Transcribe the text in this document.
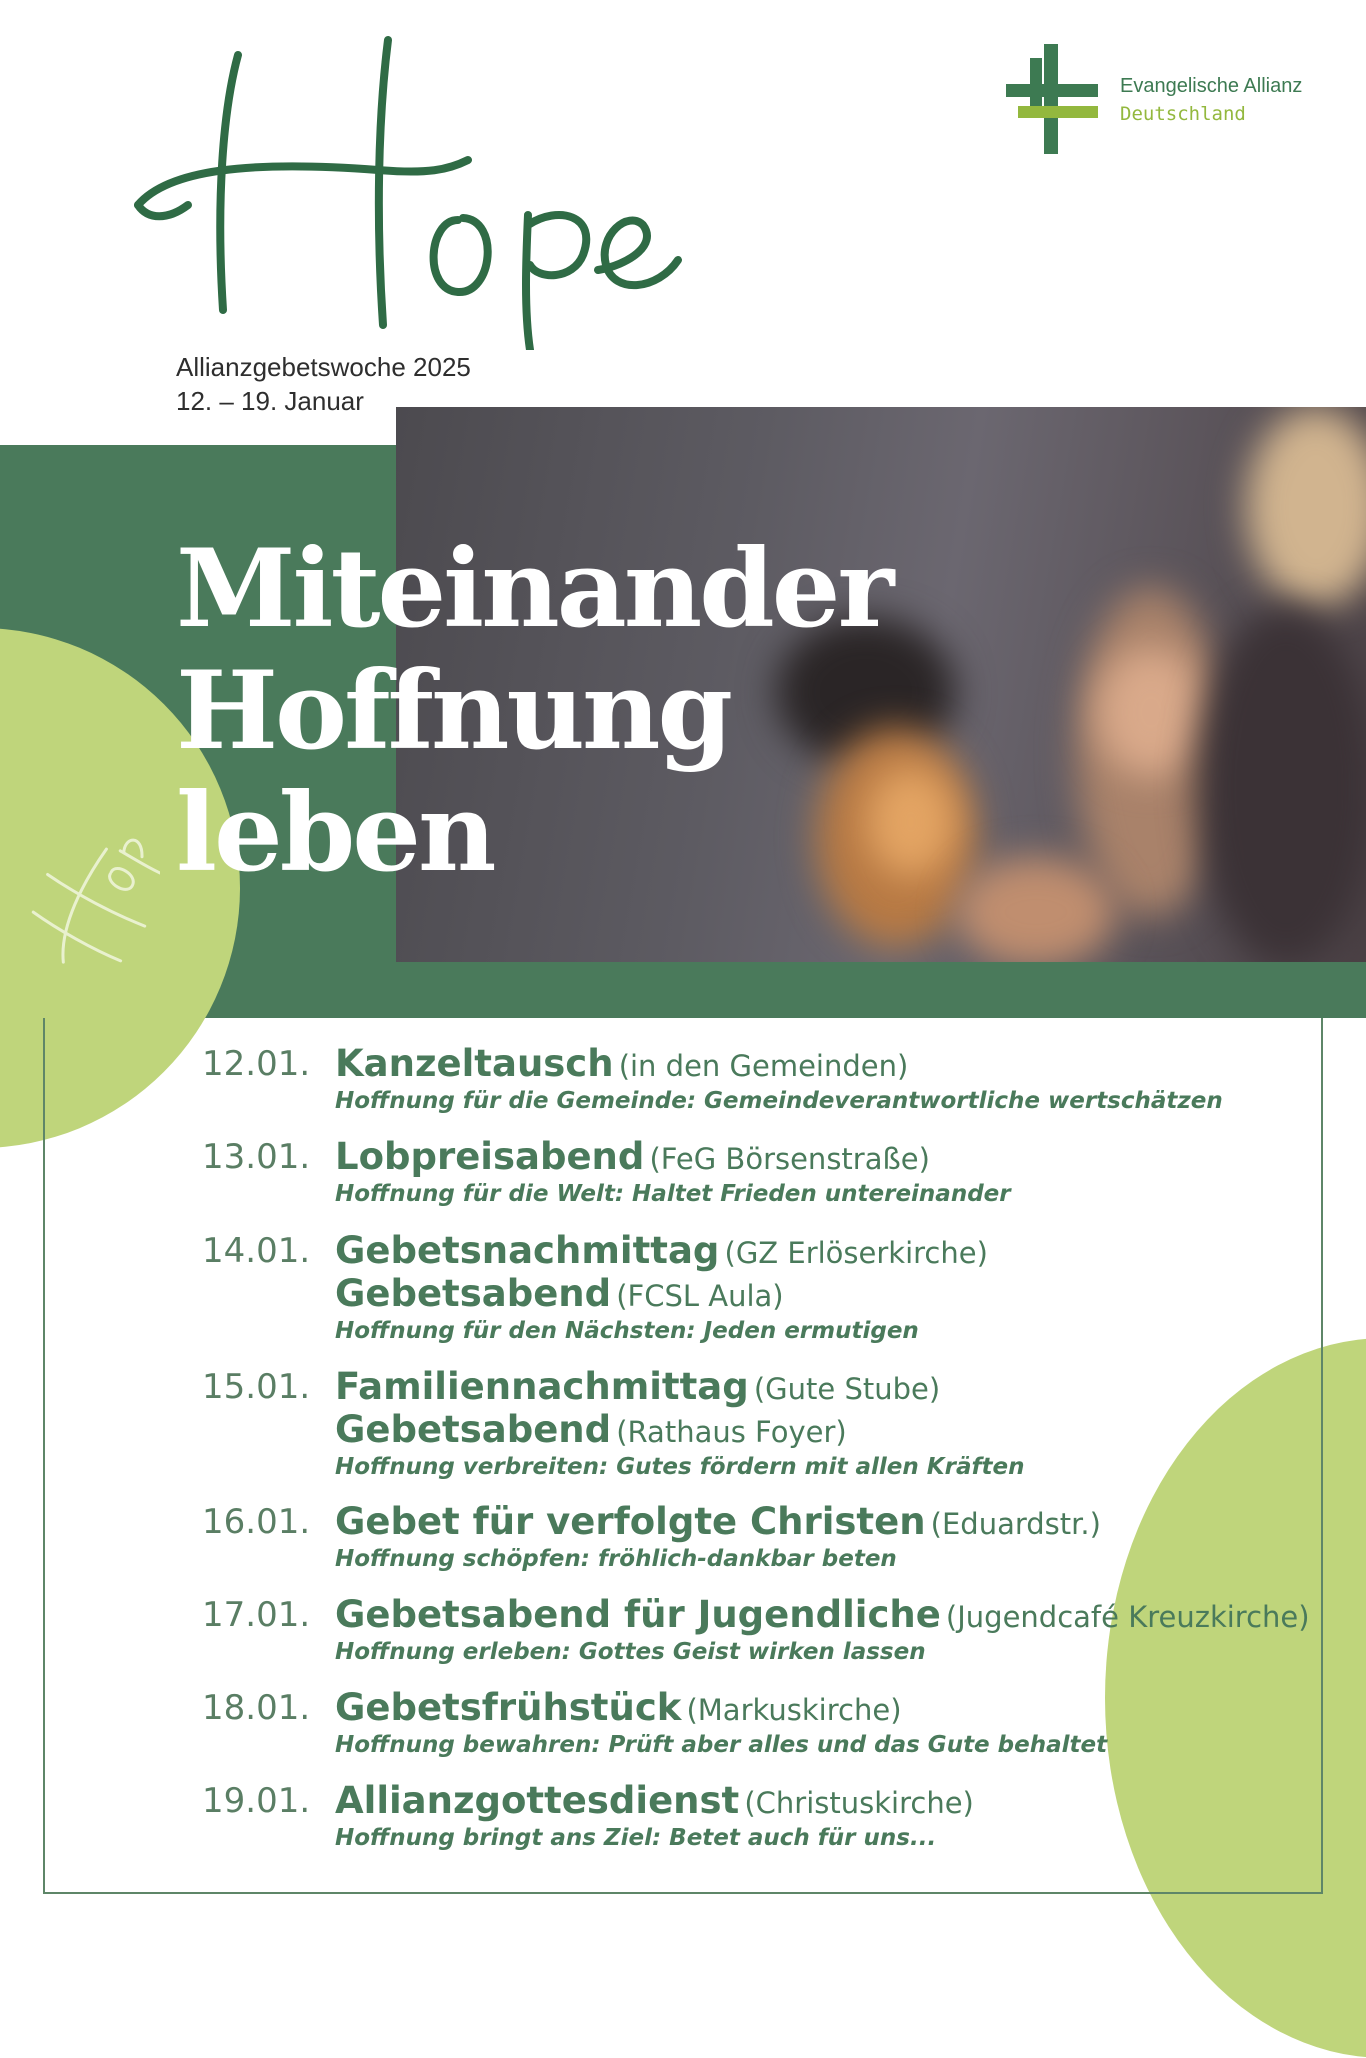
Evangelische Allianz
Deutschland
Allianzgebetswoche 2025
12. – 19. Januar
Miteinander
Hoffnung
leben
12.01. Kanzeltausch (in den Gemeinden)
Hoffnung für die Gemeinde: Gemeindeverantwortliche wertschätzen
13.01. Lobpreisabend (FeG Börsenstraße)
Hoffnung für die Welt: Haltet Frieden untereinander
14.01. Gebetsnachmittag (GZ Erlöserkirche)
Gebetsabend (FCSL Aula)
Hoffnung für den Nächsten: Jeden ermutigen
15.01. Familiennachmittag (Gute Stube)
Gebetsabend (Rathaus Foyer)
Hoffnung verbreiten: Gutes fördern mit allen Kräften
16.01. Gebet für verfolgte Christen (Eduardstr.)
Hoffnung schöpfen: fröhlich-dankbar beten
17.01. Gebetsabend für Jugendliche (Jugendcafé Kreuzkirche)
Hoffnung erleben: Gottes Geist wirken lassen
18.01. Gebetsfrühstück (Markuskirche)
Hoffnung bewahren: Prüft aber alles und das Gute behaltet
19.01. Allianzgottesdienst (Christuskirche)
Hoffnung bringt ans Ziel: Betet auch für uns...
